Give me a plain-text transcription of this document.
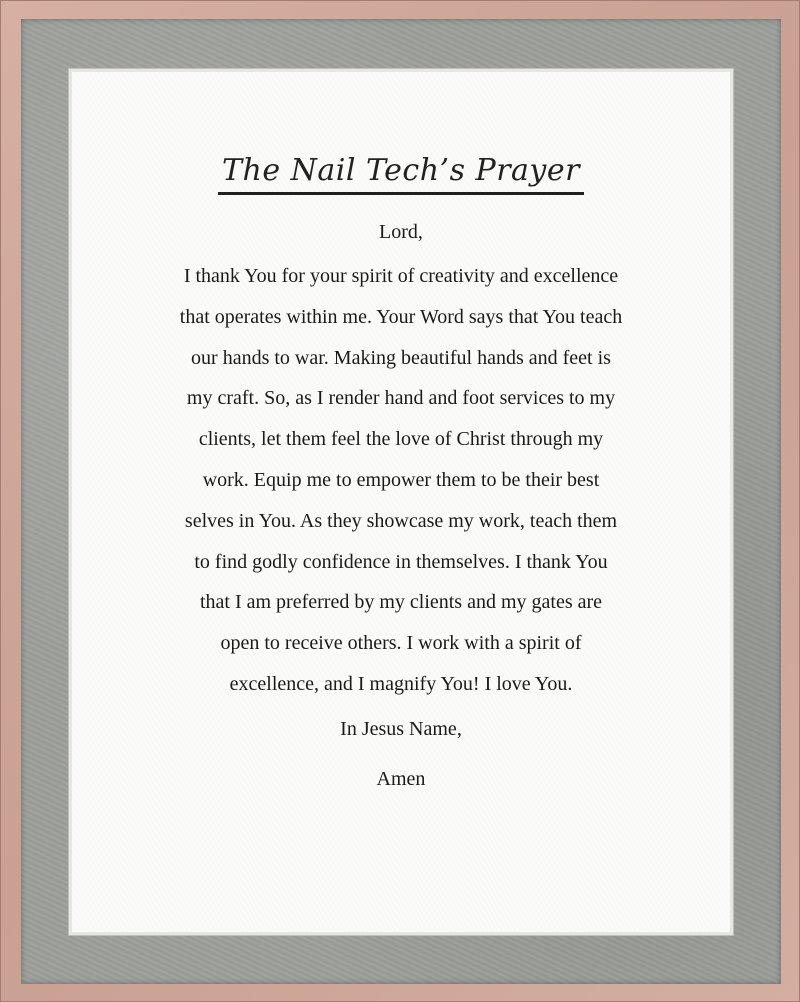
The Nail Tech’s Prayer

Lord,

I thank You for your spirit of creativity and excellence
that operates within me. Your Word says that You teach
our hands to war. Making beautiful hands and feet is
my craft. So, as I render hand and foot services to my
clients, let them feel the love of Christ through my
work. Equip me to empower them to be their best
selves in You. As they showcase my work, teach them
to find godly confidence in themselves. I thank You
that I am preferred by my clients and my gates are
open to receive others. I work with a spirit of
excellence, and I magnify You! I love You.

In Jesus Name,

Amen
